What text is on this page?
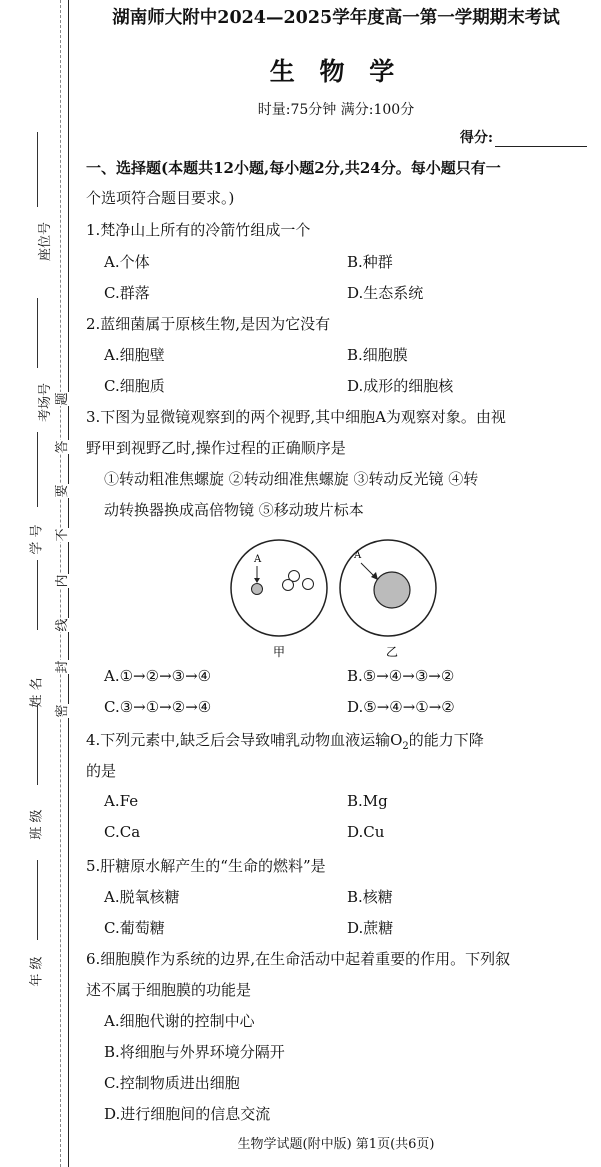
座位号
考场号
学 号
姓 名
班 级
年 级
题
答
要
不
内
线
封
密
湖南师大附中2024—2025学年度高一第一学期期末考试
生 物 学
时量:75分钟 满分:100分
得分:
一、选择题(本题共12小题,每小题2分,共24分。每小题只有一
个选项符合题目要求。)
1.梵净山上所有的冷箭竹组成一个
A.个体	B.种群
C.群落	D.生态系统
2.蓝细菌属于原核生物,是因为它没有
A.细胞壁	B.细胞膜
C.细胞质	D.成形的细胞核
3.下图为显微镜观察到的两个视野,其中细胞A为观察对象。由视
野甲到视野乙时,操作过程的正确顺序是
①转动粗准焦螺旋 ②转动细准焦螺旋 ③转动反光镜 ④转
动转换器换成高倍物镜 ⑤移动玻片标本
A	A
甲	乙
A.①→②→③→④	B.⑤→④→③→②
C.③→①→②→④	D.⑤→④→①→②
4.下列元素中,缺乏后会导致哺乳动物血液运输$O_2$的能力下降
的是
A.Fe	B.Mg
C.Ca	D.Cu
5.肝糖原水解产生的“生命的燃料”是
A.脱氧核糖	B.核糖
C.葡萄糖	D.蔗糖
6.细胞膜作为系统的边界,在生命活动中起着重要的作用。下列叙
述不属于细胞膜的功能是
A.细胞代谢的控制中心
B.将细胞与外界环境分隔开
C.控制物质进出细胞
D.进行细胞间的信息交流
生物学试题(附中版) 第1页(共6页)
